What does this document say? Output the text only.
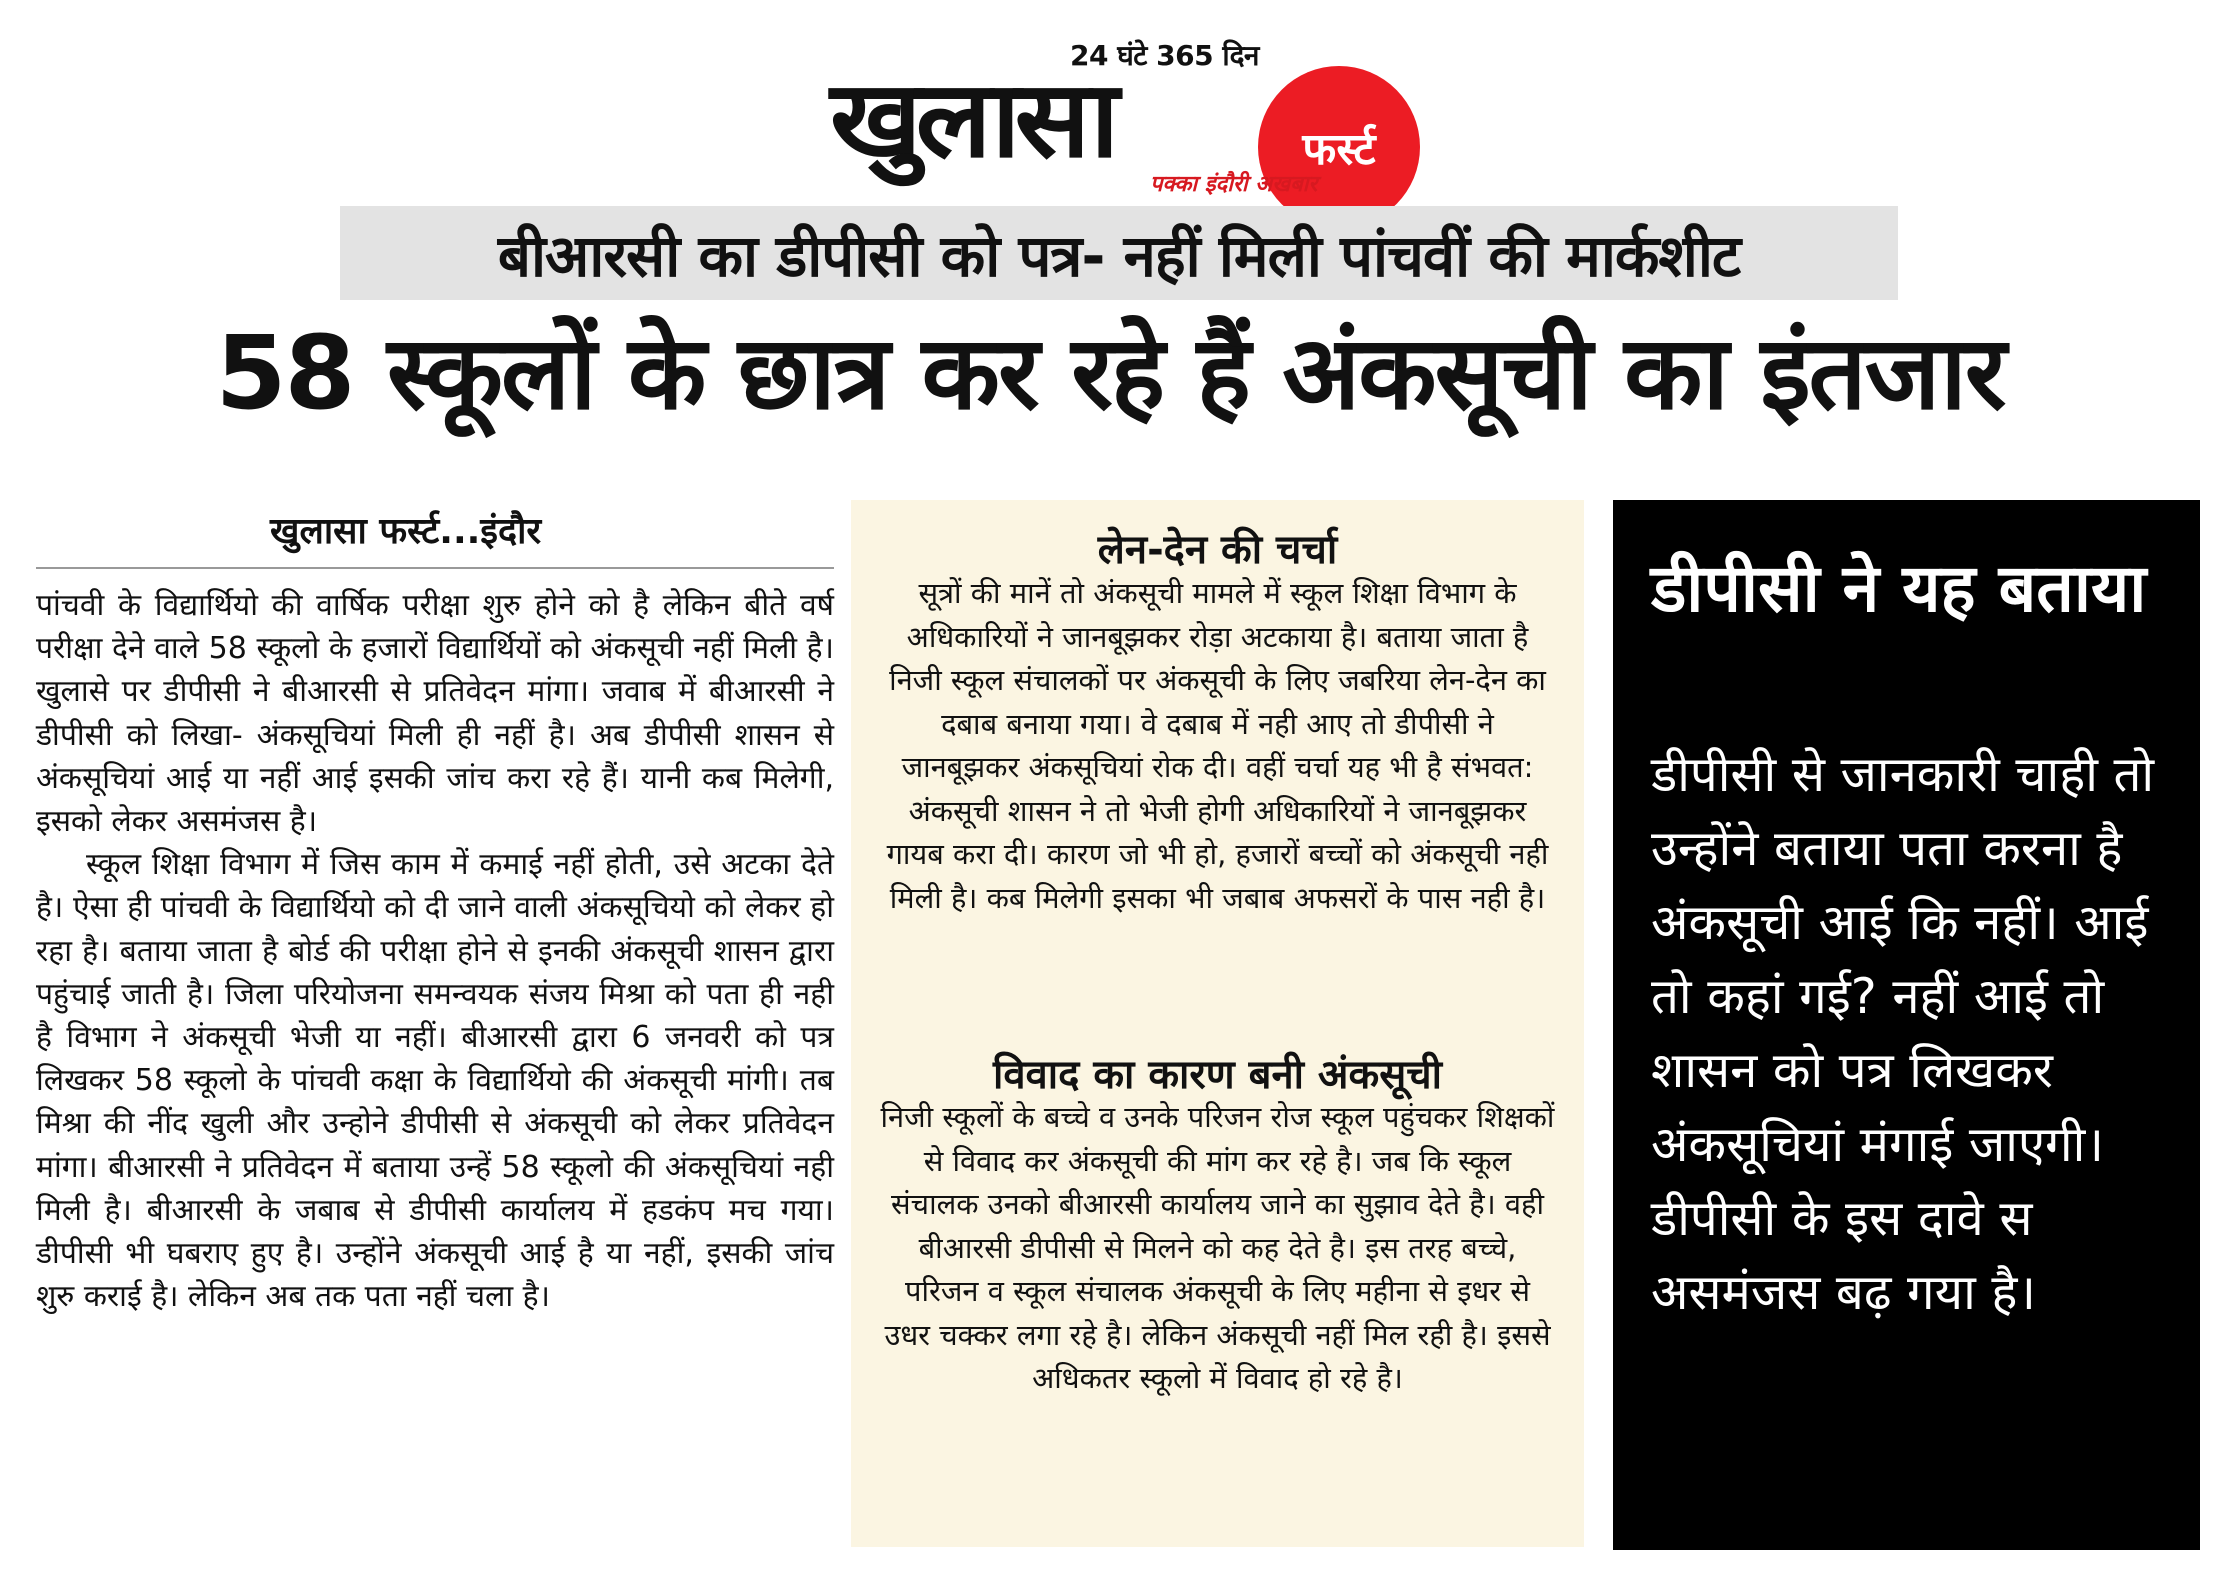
24 घंटे 365 दिन
खुलासा	फर्स्ट
पक्का इंदौरी अखबार
बीआरसी का डीपीसी को पत्र- नहीं मिली पांचवीं की मार्कशीट
58 स्कूलों के छात्र कर रहे हैं अंकसूची का इंतजार
खुलासा फर्स्ट...इंदौर

पांचवी के विद्यार्थियो की वार्षिक परीक्षा शुरु होने को है लेकिन बीते वर्ष परीक्षा देने वाले 58 स्कूलो के हजारों विद्यार्थियों को अंकसूची नहीं मिली है। खुलासे पर डीपीसी ने बीआरसी से प्रतिवेदन मांगा। जवाब में बीआरसी ने डीपीसी को लिखा- अंकसूचियां मिली ही नहीं है। अब डीपीसी शासन से अंकसूचियां आई या नहीं आई इसकी जांच करा रहे हैं। यानी कब मिलेगी, इसको लेकर असमंजस है।

स्कूल शिक्षा विभाग में जिस काम में कमाई नहीं होती, उसे अटका देते है। ऐसा ही पांचवी के विद्यार्थियो को दी जाने वाली अंकसूचियो को लेकर हो रहा है। बताया जाता है बोर्ड की परीक्षा होने से इनकी अंकसूची शासन द्वारा पहुंचाई जाती है। जिला परियोजना समन्वयक संजय मिश्रा को पता ही नही है विभाग ने अंकसूची भेजी या नहीं। बीआरसी द्वारा 6 जनवरी को पत्र लिखकर 58 स्कूलो के पांचवी कक्षा के विद्यार्थियो की अंकसूची मांगी। तब मिश्रा की नींद खुली और उन्होने डीपीसी से अंकसूची को लेकर प्रतिवेदन मांगा। बीआरसी ने प्रतिवेदन में बताया उन्हें 58 स्कूलो की अंकसूचियां नही मिली है। बीआरसी के जबाब से डीपीसी कार्यालय में हडकंप मच गया। डीपीसी भी घबराए हुए है। उन्होंने अंकसूची आई है या नहीं, इसकी जांच शुरु कराई है। लेकिन अब तक पता नहीं चला है।

लेन-देन की चर्चा
सूत्रों की मानें तो अंकसूची मामले में स्कूल शिक्षा विभाग के अधिकारियों ने जानबूझकर रोड़ा अटकाया है। बताया जाता है निजी स्कूल संचालकों पर अंकसूची के लिए जबरिया लेन-देन का दबाब बनाया गया। वे दबाब में नही आए तो डीपीसी ने जानबूझकर अंकसूचियां रोक दी। वहीं चर्चा यह भी है संभवत: अंकसूची शासन ने तो भेजी होगी अधिकारियों ने जानबूझकर गायब करा दी। कारण जो भी हो, हजारों बच्चों को अंकसूची नही मिली है। कब मिलेगी इसका भी जबाब अफसरों के पास नही है।
विवाद का कारण बनी अंकसूची
निजी स्कूलों के बच्चे व उनके परिजन रोज स्कूल पहुंचकर शिक्षकों से विवाद कर अंकसूची की मांग कर रहे है। जब कि स्कूल संचालक उनको बीआरसी कार्यालय जाने का सुझाव देते है। वही बीआरसी डीपीसी से मिलने को कह देते है। इस तरह बच्चे, परिजन व स्कूल संचालक अंकसूची के लिए महीना से इधर से उधर चक्कर लगा रहे है। लेकिन अंकसूची नहीं मिल रही है। इससे अधिकतर स्कूलो में विवाद हो रहे है।
डीपीसी ने यह बताया
डीपीसी से जानकारी चाही तो उन्होंने बताया पता करना है अंकसूची आई कि नहीं। आई तो कहां गई? नहीं आई तो शासन को पत्र लिखकर अंकसूचियां मंगाई जाएगी। डीपीसी के इस दावे स असमंजस बढ़ गया है।
